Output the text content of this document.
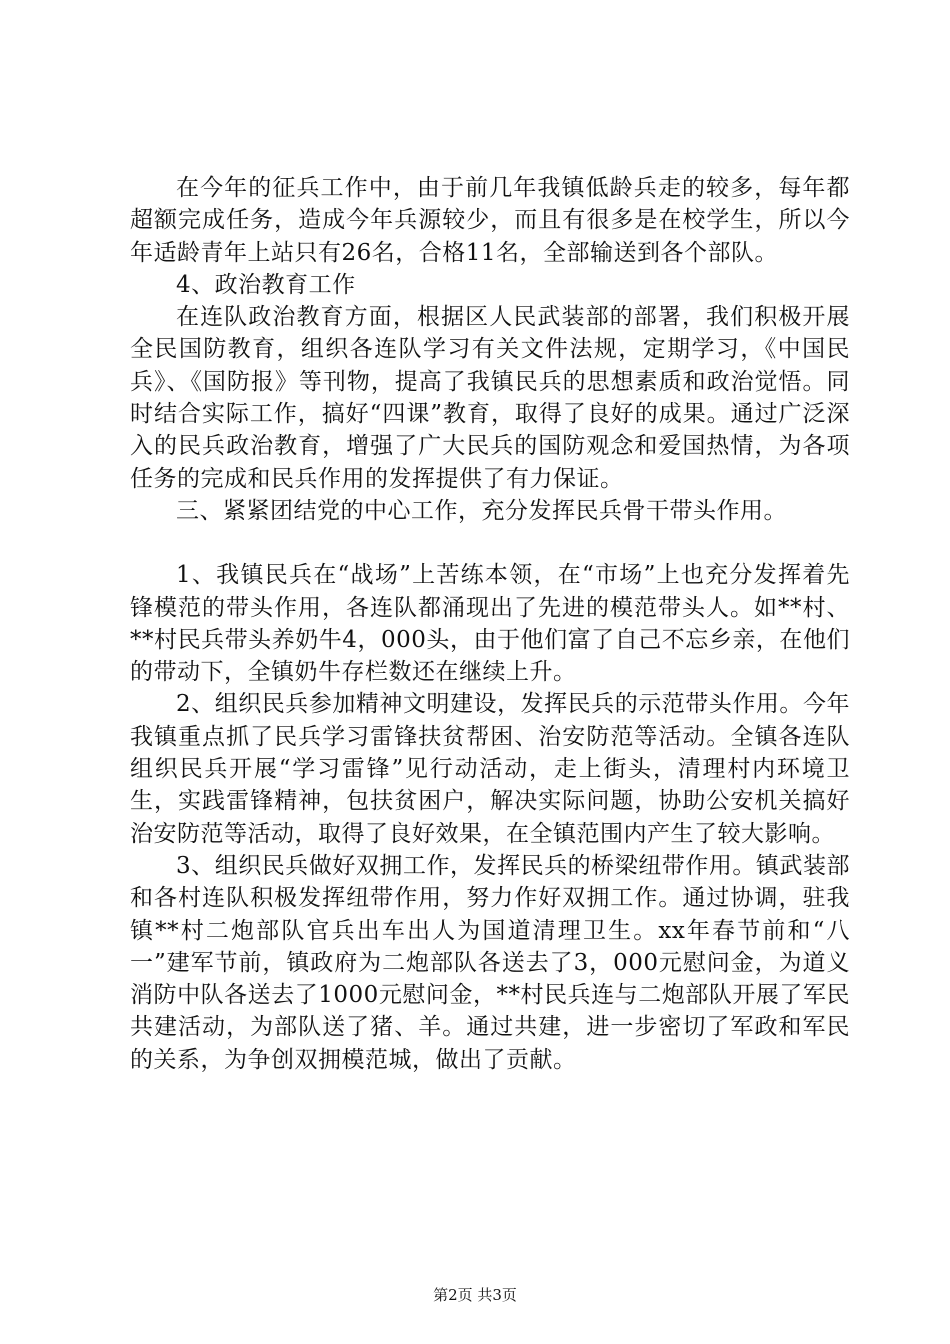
在今年的征兵工作中，由于前几年我镇低龄兵走的较多，每年都超额完成任务，造成今年兵源较少，而且有很多是在校学生，所以今年适龄青年上站只有26名，合格11名，全部输送到各个部队。

4、政治教育工作

在连队政治教育方面，根据区人民武装部的部署，我们积极开展全民国防教育，组织各连队学习有关文件法规，定期学习，《中国民兵》、《国防报》等刊物，提高了我镇民兵的思想素质和政治觉悟。同时结合实际工作，搞好“四课”教育，取得了良好的成果。通过广泛深入的民兵政治教育，增强了广大民兵的国防观念和爱国热情，为各项任务的完成和民兵作用的发挥提供了有力保证。

三、紧紧团结党的中心工作，充分发挥民兵骨干带头作用。

1、我镇民兵在“战场”上苦练本领，在“市场”上也充分发挥着先锋模范的带头作用，各连队都涌现出了先进的模范带头人。如**村、**村民兵带头养奶牛4，000头，由于他们富了自己不忘乡亲，在他们的带动下，全镇奶牛存栏数还在继续上升。

2、组织民兵参加精神文明建设，发挥民兵的示范带头作用。今年我镇重点抓了民兵学习雷锋扶贫帮困、治安防范等活动。全镇各连队组织民兵开展“学习雷锋”见行动活动，走上街头，清理村内环境卫生，实践雷锋精神，包扶贫困户，解决实际问题，协助公安机关搞好治安防范等活动，取得了良好效果，在全镇范围内产生了较大影响。

3、组织民兵做好双拥工作，发挥民兵的桥梁纽带作用。镇武装部和各村连队积极发挥纽带作用，努力作好双拥工作。通过协调，驻我镇**村二炮部队官兵出车出人为国道清理卫生。xx年春节前和“八一”建军节前，镇政府为二炮部队各送去了3，000元慰问金，为道义消防中队各送去了1000元慰问金，**村民兵连与二炮部队开展了军民共建活动，为部队送了猪、羊。通过共建，进一步密切了军政和军民的关系，为争创双拥模范城，做出了贡献。

第2页 共3页
